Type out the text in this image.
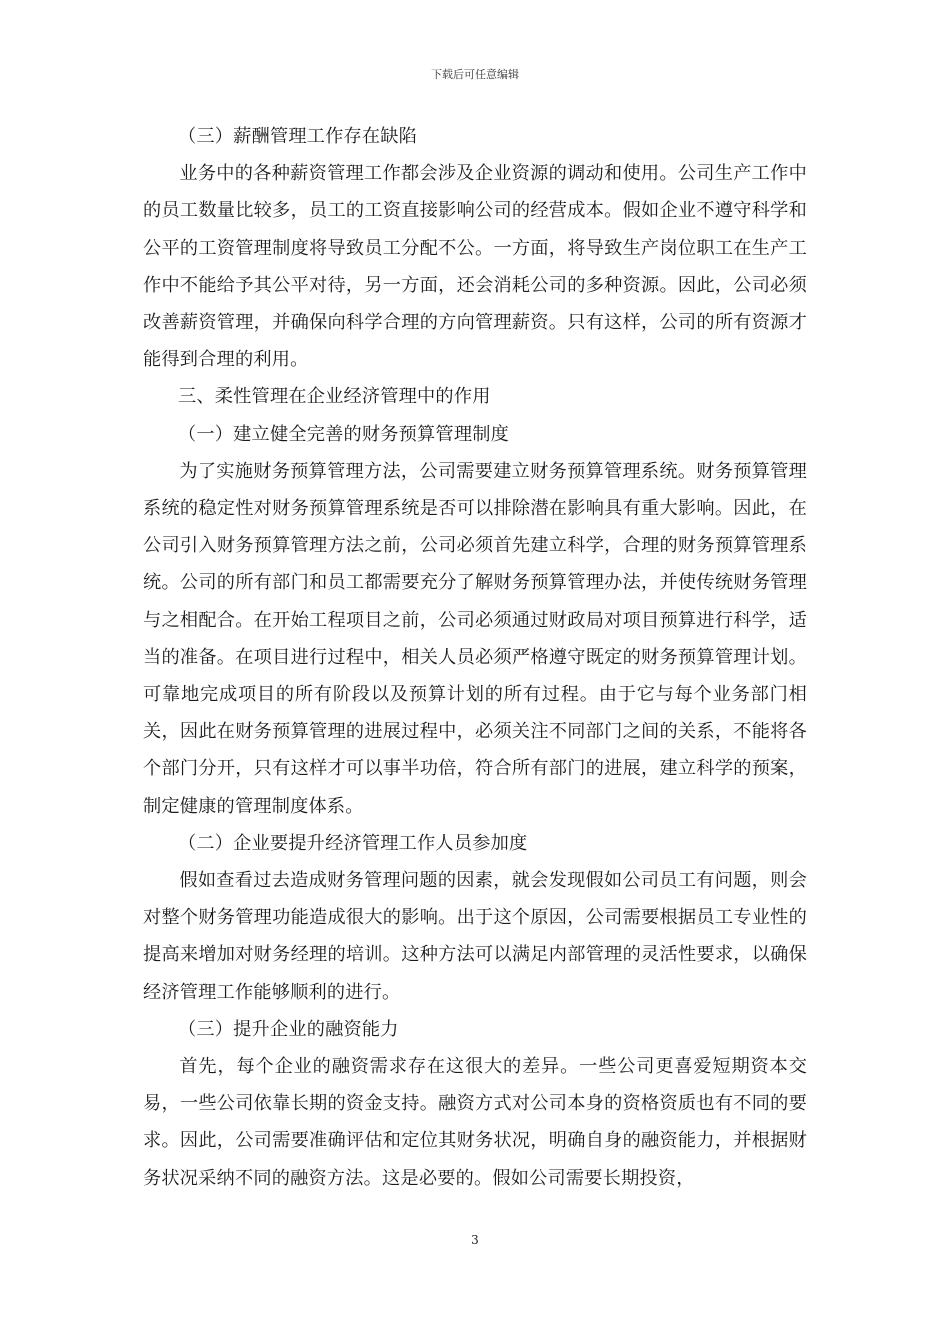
下载后可任意编辑

（三）薪酬管理工作存在缺陷

业务中的各种薪资管理工作都会涉及企业资源的调动和使用。公司生产工作中的员工数量比较多，员工的工资直接影响公司的经营成本。假如企业不遵守科学和公平的工资管理制度将导致员工分配不公。一方面，将导致生产岗位职工在生产工作中不能给予其公平对待，另一方面，还会消耗公司的多种资源。因此，公司必须改善薪资管理，并确保向科学合理的方向管理薪资。只有这样，公司的所有资源才能得到合理的利用。

三、柔性管理在企业经济管理中的作用

（一）建立健全完善的财务预算管理制度

为了实施财务预算管理方法，公司需要建立财务预算管理系统。财务预算管理系统的稳定性对财务预算管理系统是否可以排除潜在影响具有重大影响。因此，在公司引入财务预算管理方法之前，公司必须首先建立科学，合理的财务预算管理系统。公司的所有部门和员工都需要充分了解财务预算管理办法，并使传统财务管理与之相配合。在开始工程项目之前，公司必须通过财政局对项目预算进行科学，适当的准备。在项目进行过程中，相关人员必须严格遵守既定的财务预算管理计划。可靠地完成项目的所有阶段以及预算计划的所有过程。由于它与每个业务部门相关，因此在财务预算管理的进展过程中，必须关注不同部门之间的关系，不能将各个部门分开，只有这样才可以事半功倍，符合所有部门的进展，建立科学的预案，制定健康的管理制度体系。

（二）企业要提升经济管理工作人员参加度

假如查看过去造成财务管理问题的因素，就会发现假如公司员工有问题，则会对整个财务管理功能造成很大的影响。出于这个原因，公司需要根据员工专业性的提高来增加对财务经理的培训。这种方法可以满足内部管理的灵活性要求，以确保经济管理工作能够顺利的进行。

（三）提升企业的融资能力

首先，每个企业的融资需求存在这很大的差异。一些公司更喜爱短期资本交易，一些公司依靠长期的资金支持。融资方式对公司本身的资格资质也有不同的要求。因此，公司需要准确评估和定位其财务状况，明确自身的融资能力，并根据财务状况采纳不同的融资方法。这是必要的。假如公司需要长期投资，

3
